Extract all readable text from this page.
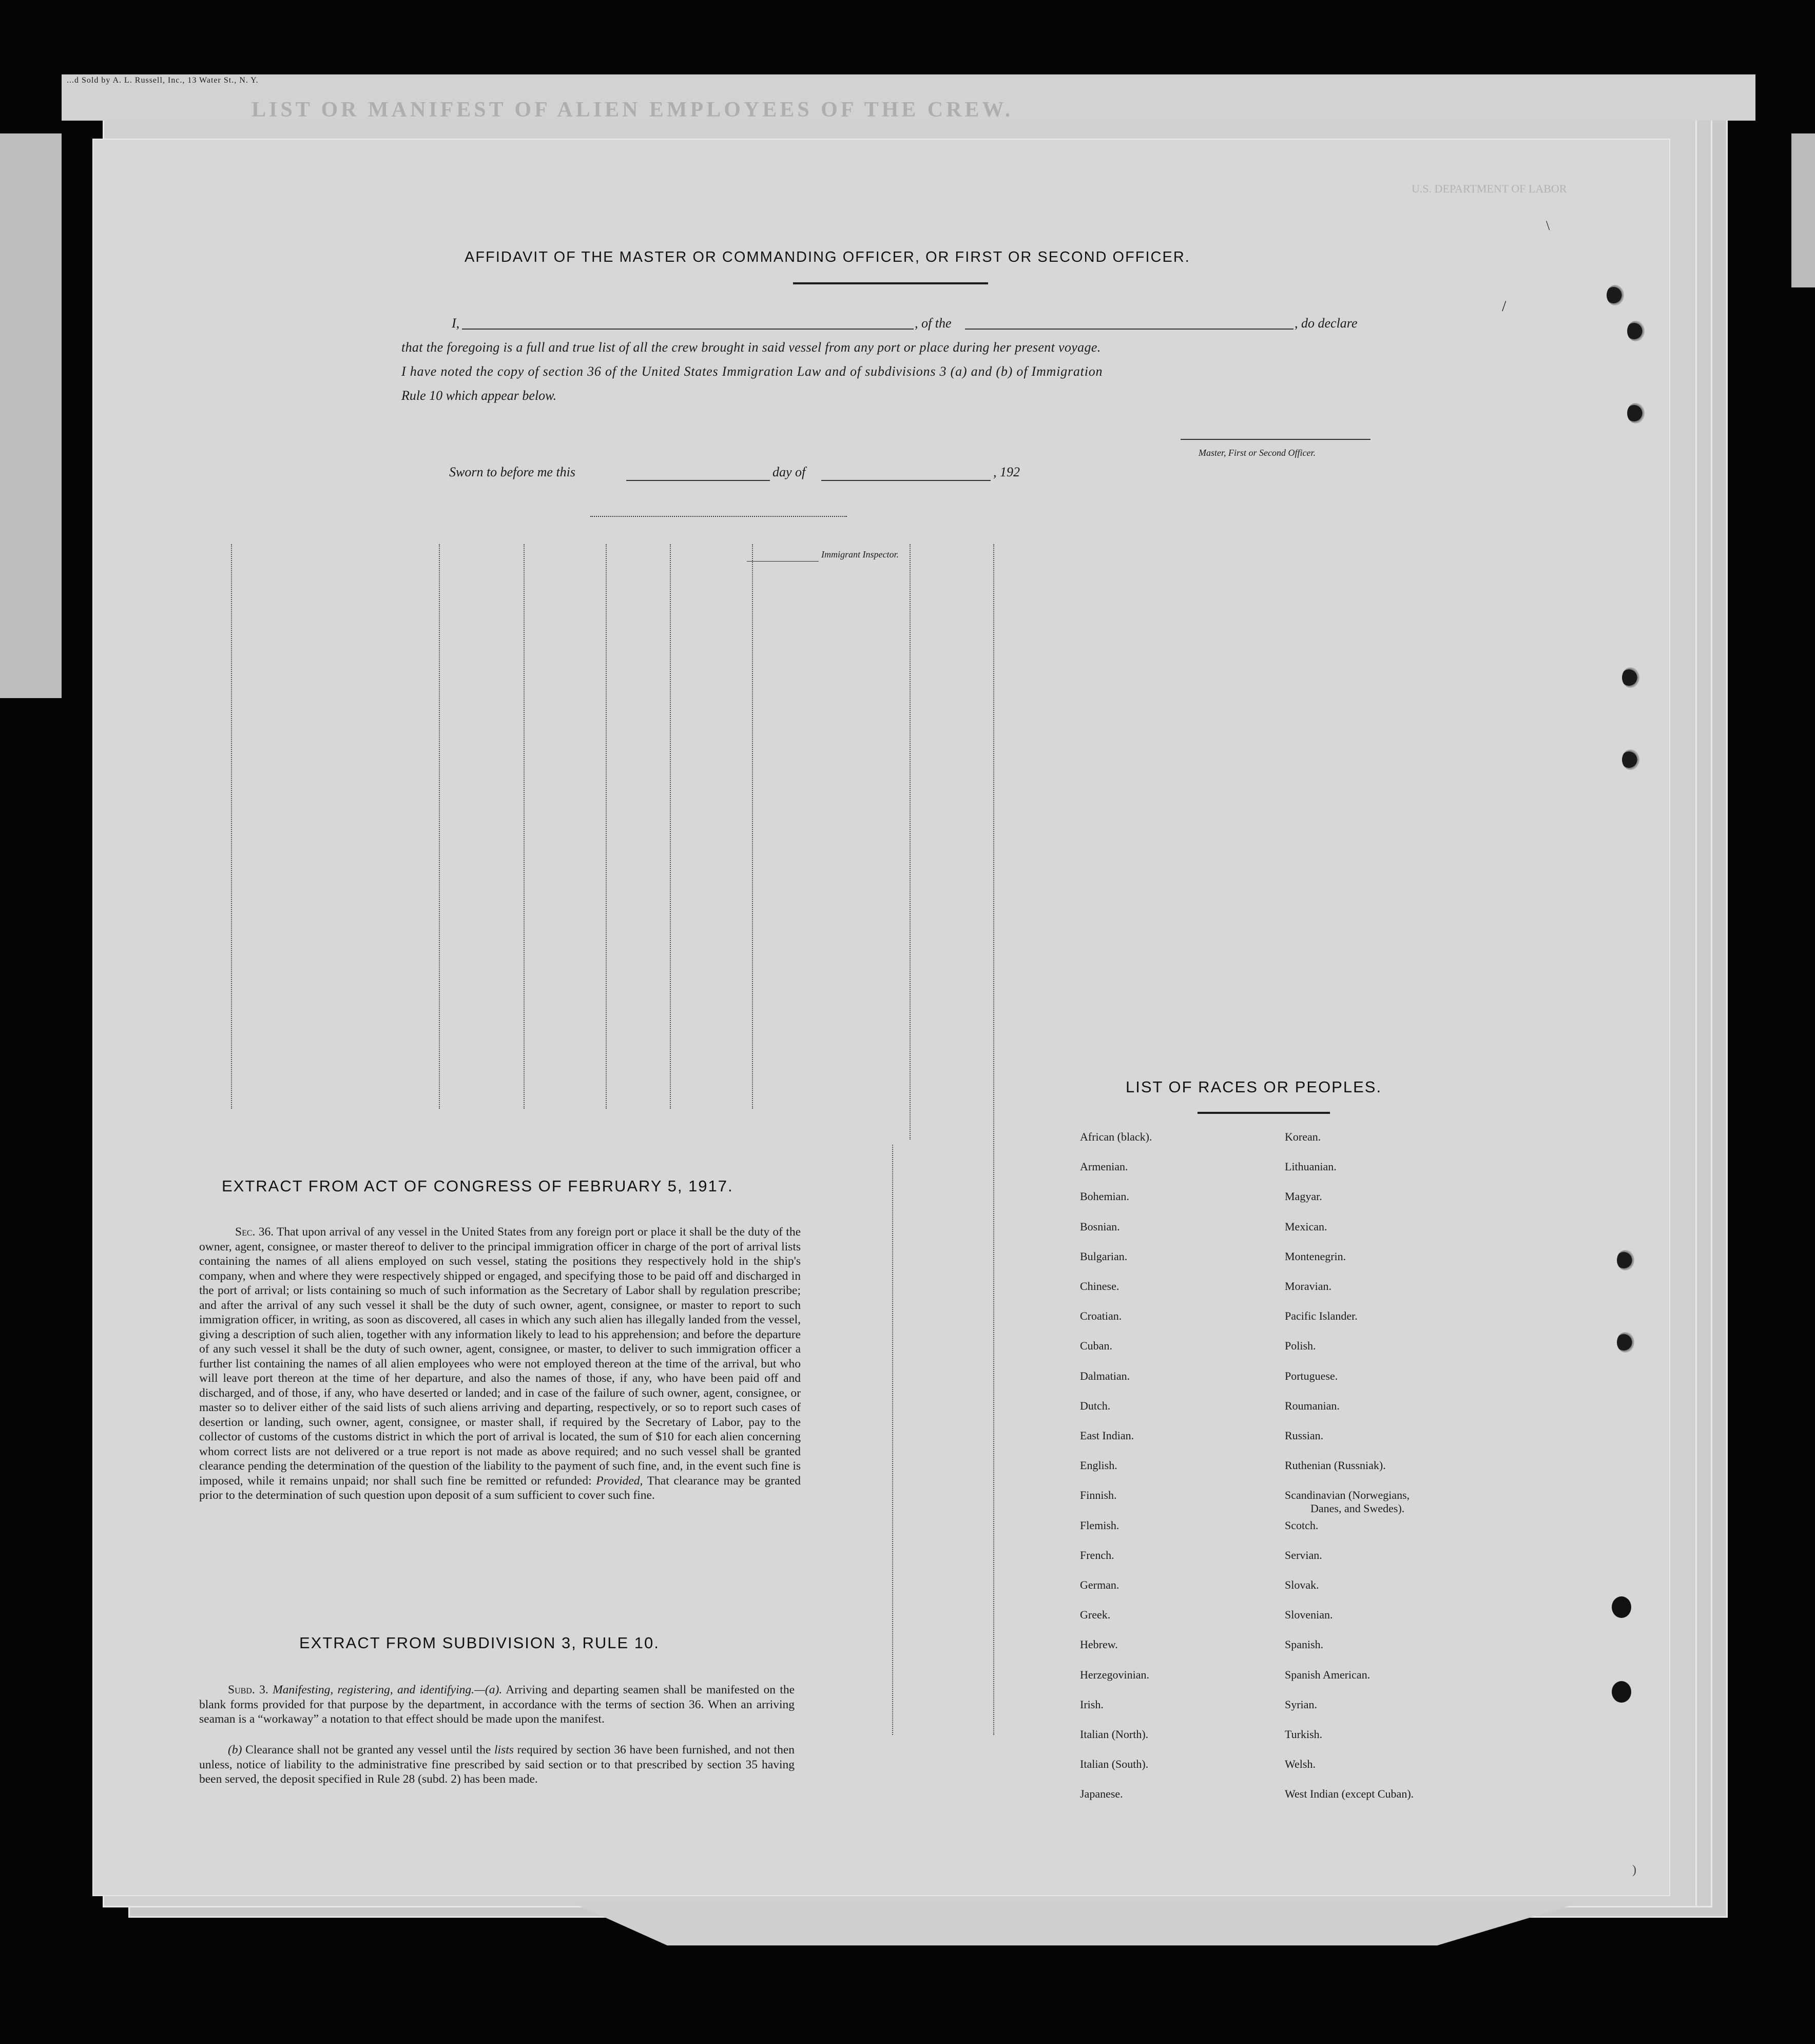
...d Sold by A. L. Russell, Inc., 13 Water St., N. Y.
LIST OR MANIFEST OF ALIEN EMPLOYEES OF THE CREW.
U.S. DEPARTMENT OF LABOR
AFFIDAVIT OF THE MASTER OR COMMANDING OFFICER, OR FIRST OR SECOND OFFICER.
I,	, of the	, do declare
that the foregoing is a full and true list of all the crew brought in said vessel from any port or place during her present voyage.
I have noted the copy of section 36 of the United States Immigration Law and of subdivisions 3 (a) and (b) of Immigration
Rule 10 which appear below.
Master, First or Second Officer.
Sworn to before me this	day of	, 192
Immigrant Inspector.
EXTRACT FROM ACT OF CONGRESS OF FEBRUARY 5, 1917.
Sec. 36. That upon arrival of any vessel in the United States from any foreign port or place it shall be the duty of the owner, agent, consignee, or master thereof to deliver to the principal immigration officer in charge of the port of arrival lists containing the names of all aliens employed on such vessel, stating the positions they respectively hold in the ship's company, when and where they were respectively shipped or engaged, and specifying those to be paid off and discharged in the port of arrival; or lists containing so much of such information as the Secretary of Labor shall by regulation prescribe; and after the arrival of any such vessel it shall be the duty of such owner, agent, consignee, or master to report to such immigration officer, in writing, as soon as discovered, all cases in which any such alien has illegally landed from the vessel, giving a description of such alien, together with any information likely to lead to his apprehension; and before the departure of any such vessel it shall be the duty of such owner, agent, consignee, or master, to deliver to such immigration officer a further list containing the names of all alien employees who were not employed thereon at the time of the arrival, but who will leave port thereon at the time of her departure, and also the names of those, if any, who have been paid off and discharged, and of those, if any, who have deserted or landed; and in case of the failure of such owner, agent, consignee, or master so to deliver either of the said lists of such aliens arriving and departing, respectively, or so to report such cases of desertion or landing, such owner, agent, consignee, or master shall, if required by the Secretary of Labor, pay to the collector of customs of the customs district in which the port of arrival is located, the sum of $10 for each alien concerning whom correct lists are not delivered or a true report is not made as above required; and no such vessel shall be granted clearance pending the determination of the question of the liability to the payment of such fine, and, in the event such fine is imposed, while it remains unpaid; nor shall such fine be remitted or refunded: Provided, That clearance may be granted prior to the determination of such question upon deposit of a sum sufficient to cover such fine.
EXTRACT FROM SUBDIVISION 3, RULE 10.
Subd. 3. Manifesting, registering, and identifying.—(a). Arriving and departing seamen shall be manifested on the blank forms provided for that purpose by the department, in accordance with the terms of section 36. When an arriving seaman is a “workaway” a notation to that effect should be made upon the manifest.
(b) Clearance shall not be granted any vessel until the lists required by section 36 have been furnished, and not then unless, notice of liability to the administrative fine prescribed by said section or to that prescribed by section 35 having been served, the deposit specified in Rule 28 (subd. 2) has been made.
LIST OF RACES OR PEOPLES.
African (black).
Armenian.
Bohemian.
Bosnian.
Bulgarian.
Chinese.
Croatian.
Cuban.
Dalmatian.
Dutch.
East Indian.
English.
Finnish.
Flemish.
French.
German.
Greek.
Hebrew.
Herzegovinian.
Irish.
Italian (North).
Italian (South).
Japanese.
Korean.
Lithuanian.
Magyar.
Mexican.
Montenegrin.
Moravian.
Pacific Islander.
Polish.
Portuguese.
Roumanian.
Russian.
Ruthenian (Russniak).
Scandinavian (Norwegians,
Danes, and Swedes).
Scotch.
Servian.
Slovak.
Slovenian.
Spanish.
Spanish American.
Syrian.
Turkish.
Welsh.
West Indian (except Cuban).
/
\
)
